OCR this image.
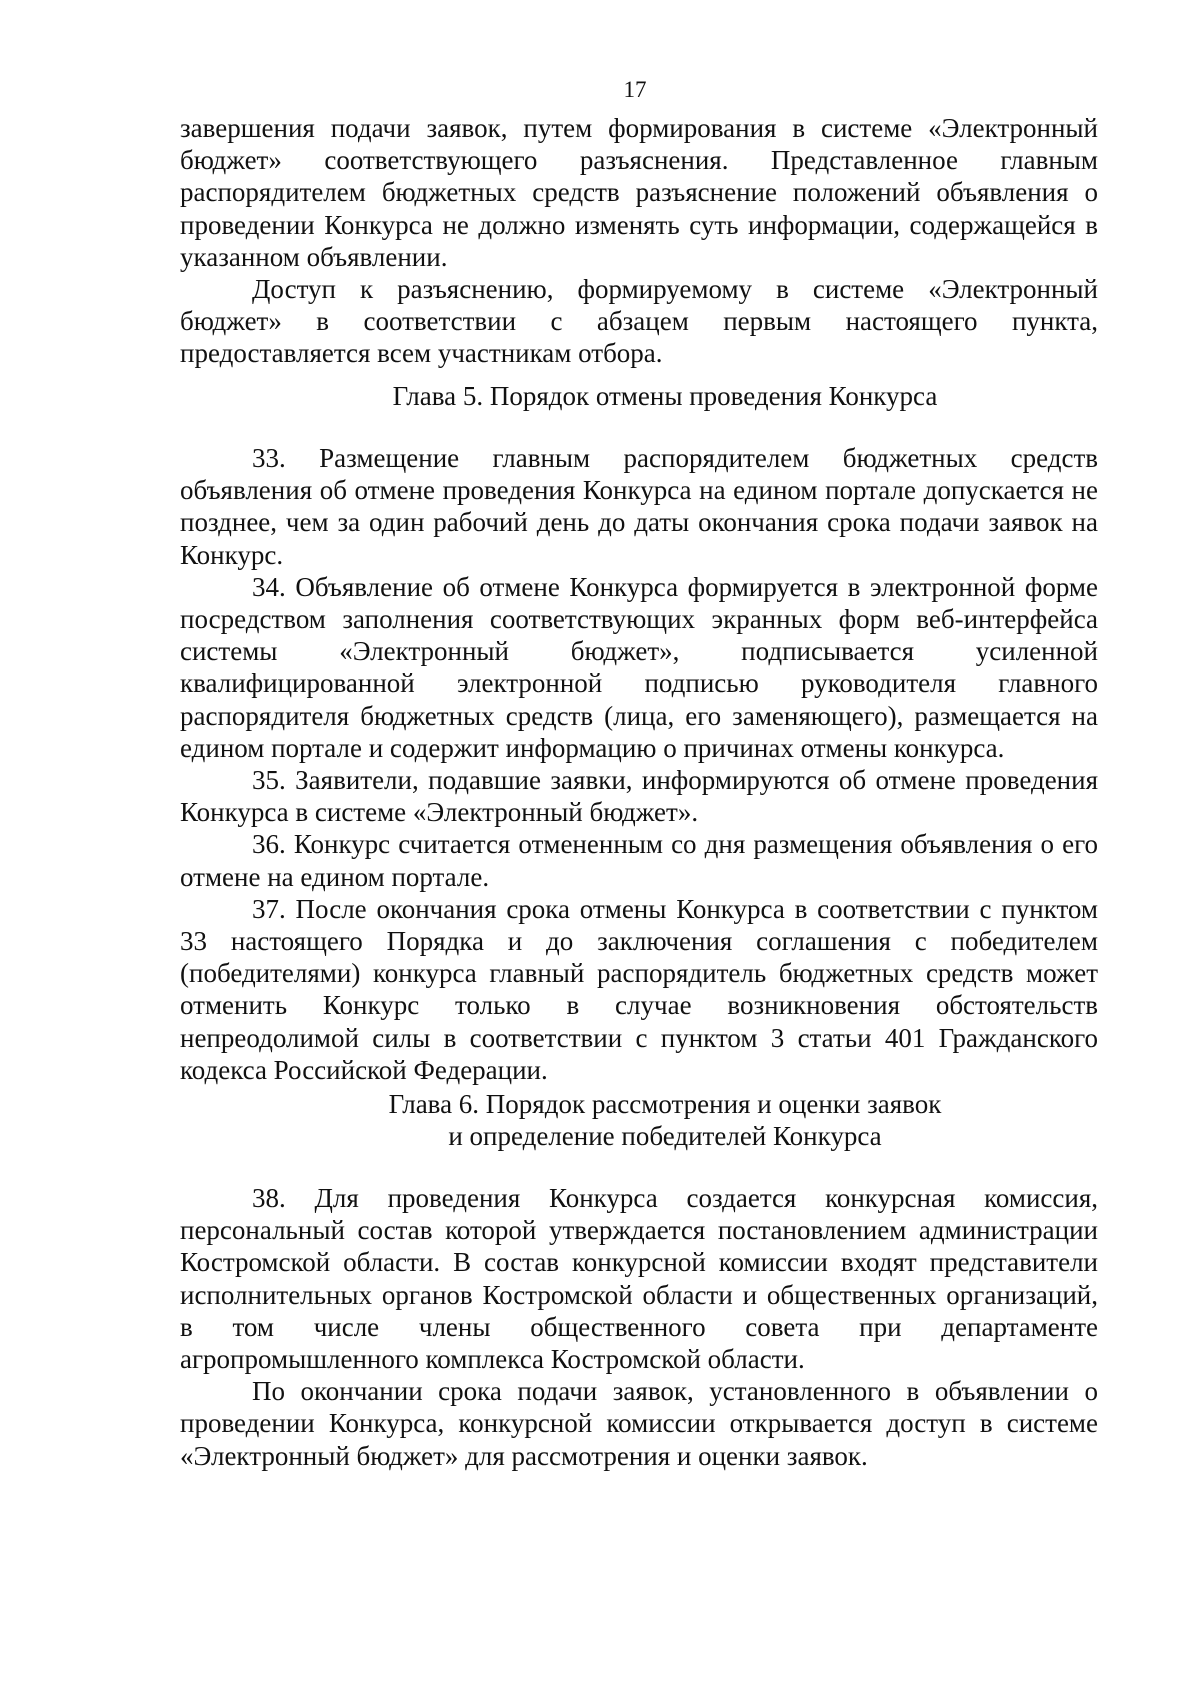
17

завершения подачи заявок, путем формирования в системе «Электронный бюджет» соответствующего разъяснения. Представленное главным распорядителем бюджетных средств разъяснение положений объявления о проведении Конкурса не должно изменять суть информации, содержащейся в указанном объявлении.

Доступ к разъяснению, формируемому в системе «Электронный бюджет» в соответствии с абзацем первым настоящего пункта, предоставляется всем участникам отбора.

Глава 5. Порядок отмены проведения Конкурса

33. Размещение главным распорядителем бюджетных средств объявления об отмене проведения Конкурса на едином портале допускается не позднее, чем за один рабочий день до даты окончания срока подачи заявок на Конкурс.

34. Объявление об отмене Конкурса формируется в электронной форме посредством заполнения соответствующих экранных форм веб-интерфейса системы «Электронный бюджет», подписывается усиленной квалифицированной электронной подписью руководителя главного распорядителя бюджетных средств (лица, его заменяющего), размещается на едином портале и содержит информацию о причинах отмены конкурса.

35. Заявители, подавшие заявки, информируются об отмене проведения Конкурса в системе «Электронный бюджет».

36. Конкурс считается отмененным со дня размещения объявления о его отмене на едином портале.

37. После окончания срока отмены Конкурса в соответствии с пунктом 33 настоящего Порядка и до заключения соглашения с победителем (победителями) конкурса главный распорядитель бюджетных средств может отменить Конкурс только в случае возникновения обстоятельств непреодолимой силы в соответствии с пунктом 3 статьи 401 Гражданского кодекса Российской Федерации.

Глава 6. Порядок рассмотрения и оценки заявок
и определение победителей Конкурса

38. Для проведения Конкурса создается конкурсная комиссия, персональный состав которой утверждается постановлением администрации Костромской области. В состав конкурсной комиссии входят представители исполнительных органов Костромской области и общественных организаций, в том числе члены общественного совета при департаменте агропромышленного комплекса Костромской области.

По окончании срока подачи заявок, установленного в объявлении о проведении Конкурса, конкурсной комиссии открывается доступ в системе «Электронный бюджет» для рассмотрения и оценки заявок.
